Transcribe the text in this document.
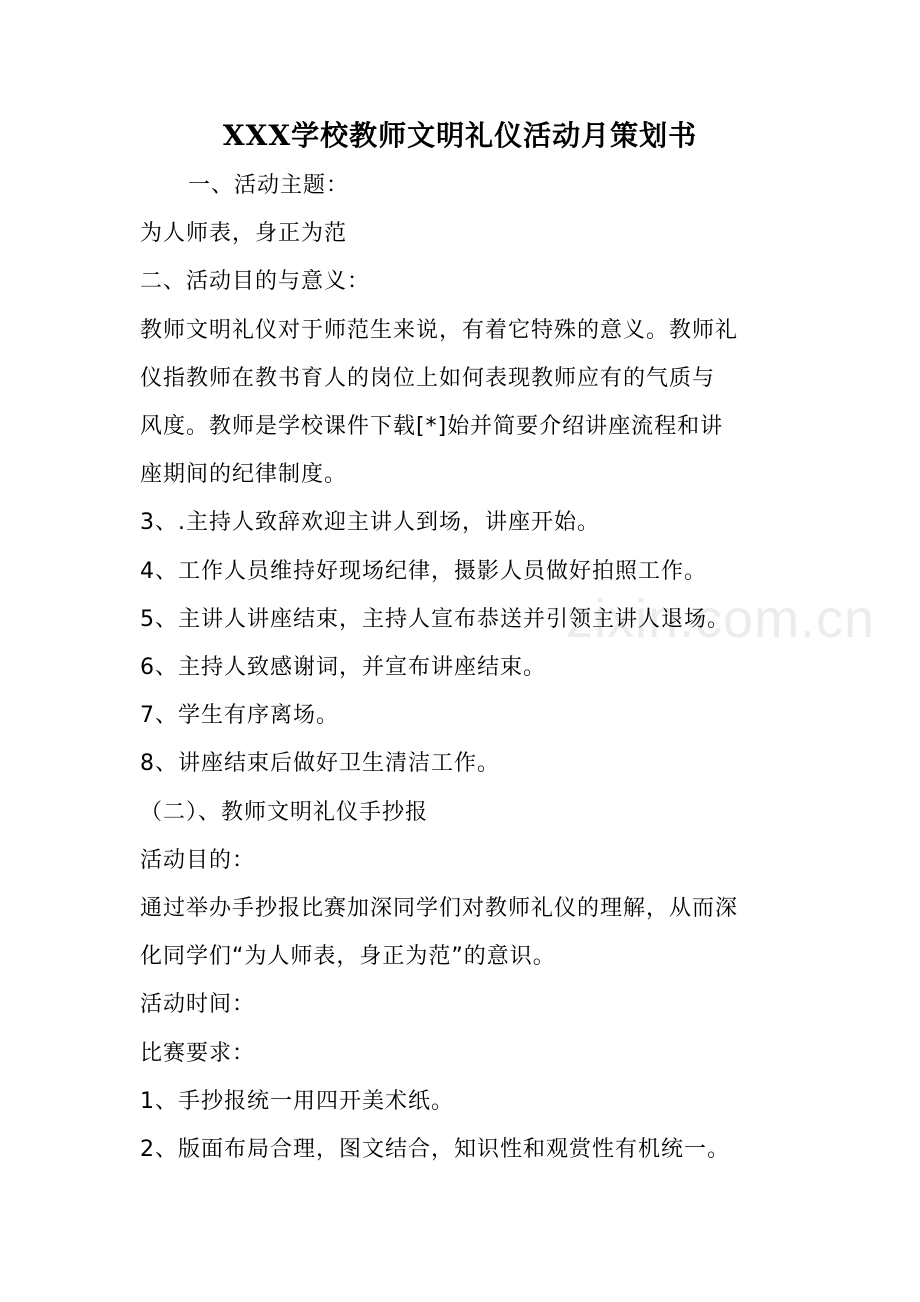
zixin.com.cn
XXX学校教师文明礼仪活动月策划书
一、活动主题：
为人师表，身正为范
二、活动目的与意义：
教师文明礼仪对于师范生来说，有着它特殊的意义。教师礼
仪指教师在教书育人的岗位上如何表现教师应有的气质与
风度。教师是学校课件下载[*]始并简要介绍讲座流程和讲
座期间的纪律制度。
3、.主持人致辞欢迎主讲人到场，讲座开始。
4、工作人员维持好现场纪律，摄影人员做好拍照工作。
5、主讲人讲座结束，主持人宣布恭送并引领主讲人退场。
6、主持人致感谢词，并宣布讲座结束。
7、学生有序离场。
8、讲座结束后做好卫生清洁工作。
（二）、教师文明礼仪手抄报
活动目的：
通过举办手抄报比赛加深同学们对教师礼仪的理解，从而深
化同学们“为人师表，身正为范”的意识。
活动时间：
比赛要求：
1、手抄报统一用四开美术纸。
2、版面布局合理，图文结合，知识性和观赏性有机统一。
